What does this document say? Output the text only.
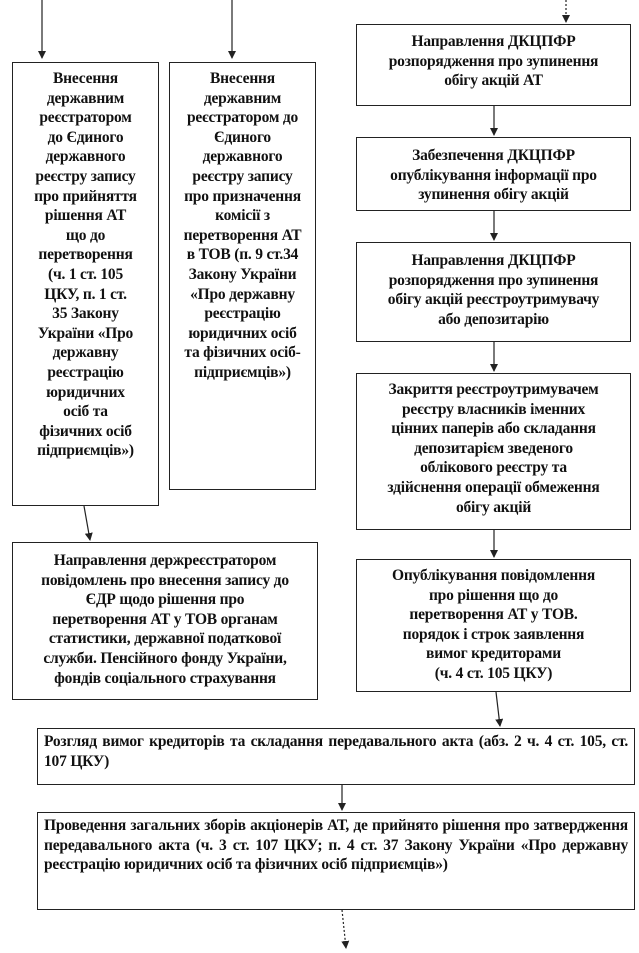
Внесення
державним
реєстратором
до Єдиного
державного
реєстру запису
про прийняття
рішення АТ
що до
перетворення
(ч. 1 ст. 105
ЦКУ, п. 1 ст.
35 Закону
України «Про
державну
реєстрацію
юридичних
осіб та
фізичних осіб
підприємців»)
Внесення
державним
реєстратором до
Єдиного
державного
реєстру запису
про призначення
комісії з
перетворення АТ
в ТОВ (п. 9 ст.34
Закону України
«Про державну
реєстрацію
юридичних осіб
та фізичних осіб-
підприємців»)
Направлення держреєстратором
повідомлень про внесення запису до
ЄДР щодо рішення про
перетворення АТ у ТОВ органам
статистики, державної податкової
служби. Пенсійного фонду України,
фондів соціального страхування
Направлення ДКЦПФР
розпорядження про зупинення
обігу акцій АТ
Забезпечення ДКЦПФР
опублікування інформації про
зупинення обігу акцій
Направлення ДКЦПФР
розпорядження про зупинення
обігу акцій реєстроутримувачу
або депозитарію
Закриття реєстроутримувачем
реєстру власників іменних
цінних паперів або складання
депозитарієм зведеного
облікового реєстру та
здійснення операції обмеження
обігу акцій
Опублікування повідомлення
про рішення що до
перетворення АТ у ТОВ.
порядок і строк заявлення
вимог кредиторами
(ч. 4 ст. 105 ЦКУ)
Розгляд вимог кредиторів та складання передавального акта (абз. 2 ч. 4 ст. 105, ст. 107 ЦКУ)
Проведення загальних зборів акціонерів АТ, де прийнято рішення про затвердження передавального акта (ч. 3 ст. 107 ЦКУ; п. 4 ст. 37 Закону України «Про державну реєстрацію юридичних осіб та фізичних осіб підприємців»)
